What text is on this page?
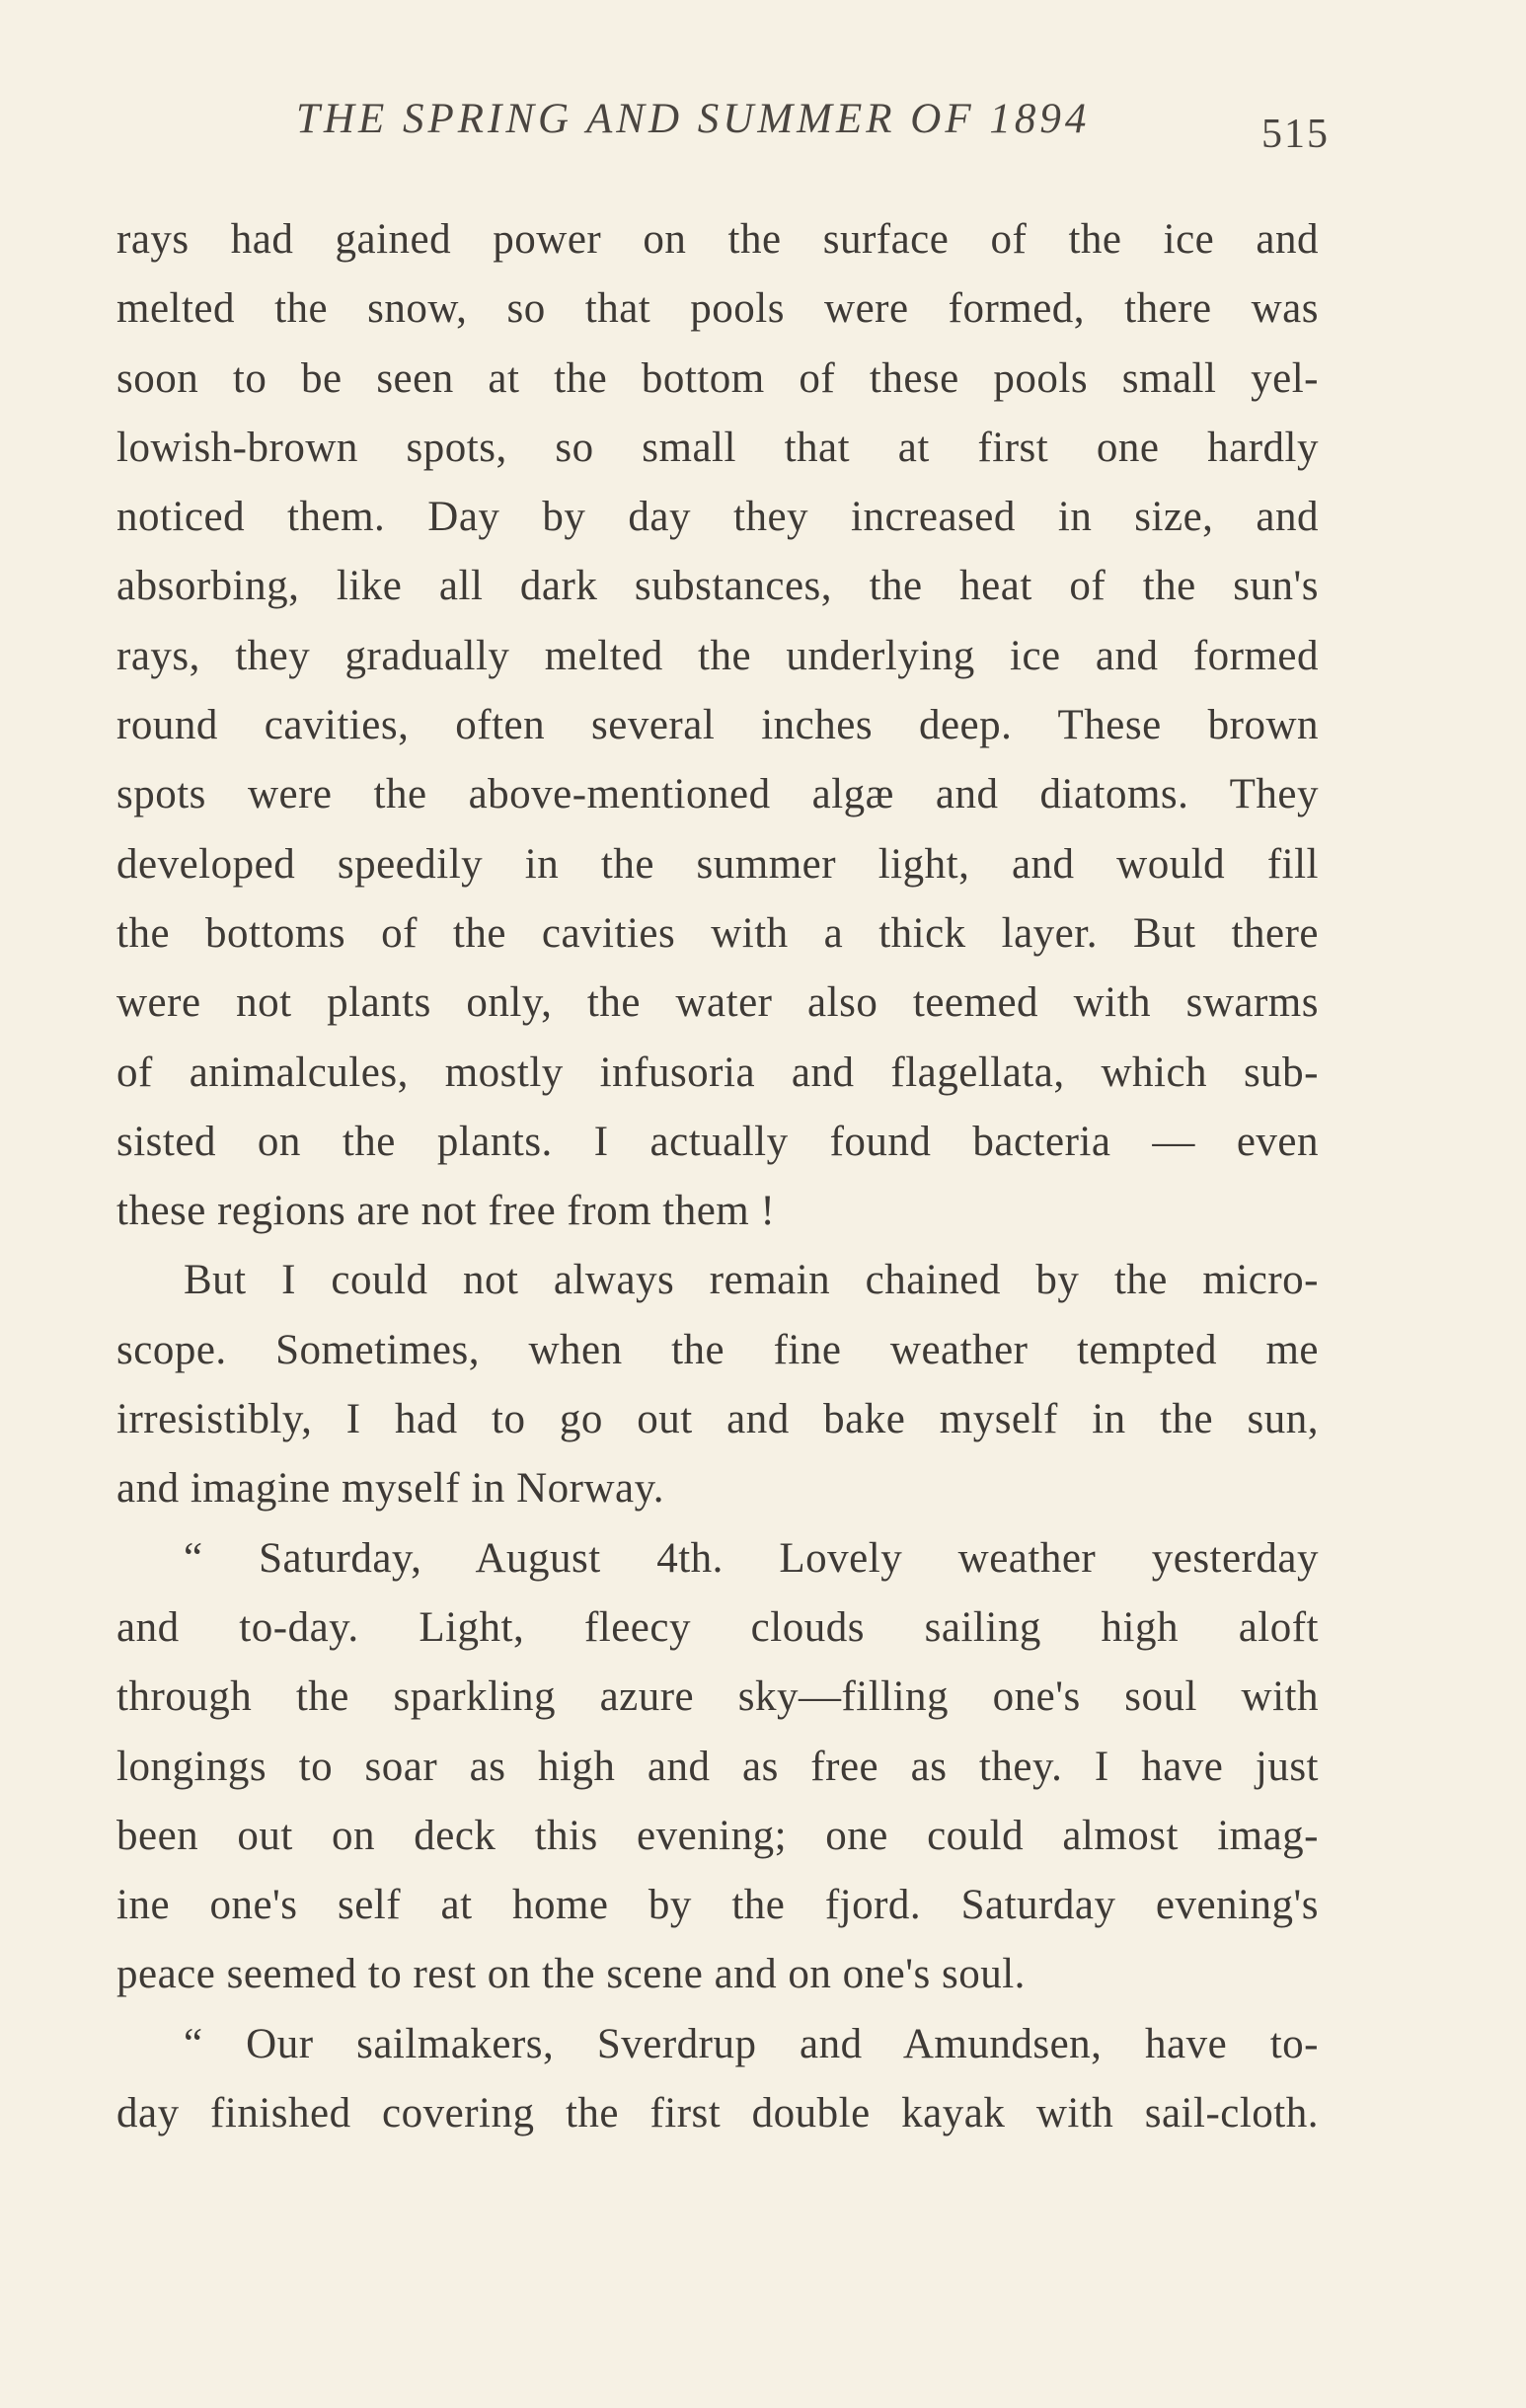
THE SPRING AND SUMMER OF 1894	515
rays had gained power on the surface of the ice and
melted the snow, so that pools were formed, there was
soon to be seen at the bottom of these pools small yel-
lowish-brown spots, so small that at first one hardly
noticed them. Day by day they increased in size, and
absorbing, like all dark substances, the heat of the sun's
rays, they gradually melted the underlying ice and formed
round cavities, often several inches deep. These brown
spots were the above-mentioned algæ and diatoms. They
developed speedily in the summer light, and would fill
the bottoms of the cavities with a thick layer. But there
were not plants only, the water also teemed with swarms
of animalcules, mostly infusoria and flagellata, which sub-
sisted on the plants. I actually found bacteria — even
these regions are not free from them !
But I could not always remain chained by the micro-
scope. Sometimes, when the fine weather tempted me
irresistibly, I had to go out and bake myself in the sun,
and imagine myself in Norway.
“ Saturday, August 4th. Lovely weather yesterday
and to-day. Light, fleecy clouds sailing high aloft
through the sparkling azure sky—filling one's soul with
longings to soar as high and as free as they. I have just
been out on deck this evening; one could almost imag-
ine one's self at home by the fjord. Saturday evening's
peace seemed to rest on the scene and on one's soul.
“ Our sailmakers, Sverdrup and Amundsen, have to-
day finished covering the first double kayak with sail-cloth.
